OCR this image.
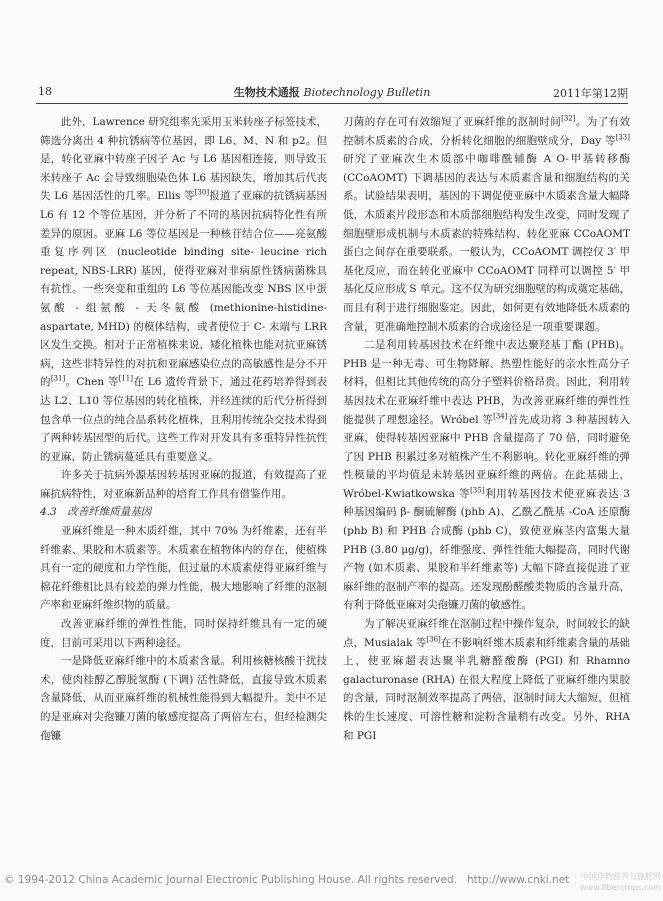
18	生物技术通报 Biotechnology Bulletin	2011年第12期

此外，Lawrence 研究组率先采用玉米转座子标签技术，筛选分离出 4 种抗锈病等位基因，即 L6、M、N 和 p2。但是，转化亚麻中转座子因子 Ac 与 L6 基因相连接，则导致玉米转座子 Ac 会导致细胞染色体 L6 基因缺失，增加其后代丧失 L6 基因活性的几率。Ellis 等[30]报道了亚麻的抗锈病基因 L6 有 12 个等位基因，并分析了不同的基因抗病特化性有所差异的原因。亚麻 L6 等位基因是一种核苷结合位——亮氨酸重复序列区 (nucleotide binding site- leucine rich repeat, NBS-LRR) 基因，使得亚麻对非病原性锈病菌株具有抗性。一些突变和重组的 L6 等位基因能改变 NBS 区中蛋氨酸 - 组氨酸 - 天冬氨酸 (methionine-histidine-aspartate, MHD) 的模体结构，或者使位于 C- 末端与 LRR 区发生交换。相对于正常植株来说，矮化植株也能对抗亚麻锈病，这些非特异性的对抗和亚麻感染位点的高敏感性是分不开的[31]。Chen 等[11]在 L6 遗传背景下，通过花药培养得到表达 L2、L10 等位基因的转化植株，并经连续的后代分析得到包含单一位点的纯合品系转化植株，且利用传统杂交技术得到了两种转基因型的后代。这些工作对开发具有多重特异性抗性的亚麻，防止锈病蔓延具有重要意义。

许多关于抗病外源基因转基因亚麻的报道，有效提高了亚麻抗病特性，对亚麻新品种的培育工作具有借鉴作用。

4.3　改善纤维质量基因

亚麻纤维是一种木质纤维，其中 70% 为纤维素，还有半纤维素、果胶和木质素等。木质素在植物体内的存在，使植株具有一定的硬度和力学性能，但过量的木质素使得亚麻纤维与棉花纤维相比具有较差的弹力性能，极大地影响了纤维的沤制产率和亚麻纤维织物的质量。

改善亚麻纤维的弹性性能，同时保持纤维具有一定的硬度，目前可采用以下两种途径。

一是降低亚麻纤维中的木质素含量。利用核糖核酸干扰技术，使肉桂醇乙醇脱氢酶 (下调) 活性降低，直接导致木质素含量降低，从而亚麻纤维的机械性能得到大幅提升。美中不足的是亚麻对尖孢镰刀菌的敏感度提高了两倍左右，但经检测尖孢镰

刀菌的存在可有效缩短了亚麻纤维的沤制时间[32]。为了有效控制木质素的合成，分析转化细胞的细胞壁成分，Day 等[33]研究了亚麻次生木质部中咖啡酰辅酶 A O-甲基转移酶 (CCoAOMT) 下调基因的表达与木质素含量和细胞结构的关系。试验结果表明，基因的下调促使亚麻中木质素含量大幅降低，木质素片段形态和木质部细胞结构发生改变，同时发现了细胞壁形成机制与木质素的特殊结构、转化亚麻 CCoAOMT 蛋白之间存在重要联系。一般认为，CCoAOMT 调控仅 3′ 甲基化反应，而在转化亚麻中 CCoAOMT 同样可以调控 5′ 甲基化反应形成 S 单元。这不仅为研究细胞壁的构成奠定基础，而且有利于进行细胞鉴定。因此，如何更有效地降低木质素的含量，更准确地控制木质素的合成途径是一项重要课题。

二是利用转基因技术在纤维中表达聚羟基丁酯 (PHB)。PHB 是一种无毒、可生物降解、热塑性能好的亲水性高分子材料，但相比其他传统的高分子塑料价格昂贵。因此，利用转基因技术在亚麻纤维中表达 PHB，为改善亚麻纤维的弹性性能提供了理想途径。Wróbel 等[34]首先成功将 3 种基因转入亚麻，使得转基因亚麻中 PHB 含量提高了 70 倍，同时避免了因 PHB 积累过多对植株产生不利影响。转化亚麻纤维的弹性模量的平均值是未转基因亚麻纤维的两倍。在此基础上，Wróbel-Kwiatkowska 等[35]利用转基因技术使亚麻表达 3 种基因编码 β- 酮硫解酶 (phb A)、乙酰乙酰基 -CoA 还原酶 (phb B) 和 PHB 合成酶 (phb C)，致使亚麻茎内富集大量 PHB (3.80 μg/g)，纤维强度、弹性性能大幅提高，同时代谢产物 (如木质素、果胶和半纤维素等) 大幅下降直接促进了亚麻纤维的沤制产率的提高。还发现酚醛酸类物质的含量升高，有利于降低亚麻对尖孢镰刀菌的敏感性。

为了解决亚麻纤维在沤制过程中操作复杂，时间较长的缺点，Musialak 等[36]在不影响纤维木质素和纤维素含量的基础上，使亚麻超表达聚半乳糖醛酸酶 (PGI) 和 Rhamno galacturonase (RHA) 在很大程度上降低了亚麻纤维内果胶的含量，同时沤制效率提高了两倍，沤制时间大大缩短，但植株的生长速度、可溶性糖和淀粉含量稍有改变。另外，RHA 和 PGI

© 1994-2012 China Academic Journal Electronic Publishing House. All rights reserved. http://www.cnki.net 中国作物营养与施肥网
www.fibercrops.com
